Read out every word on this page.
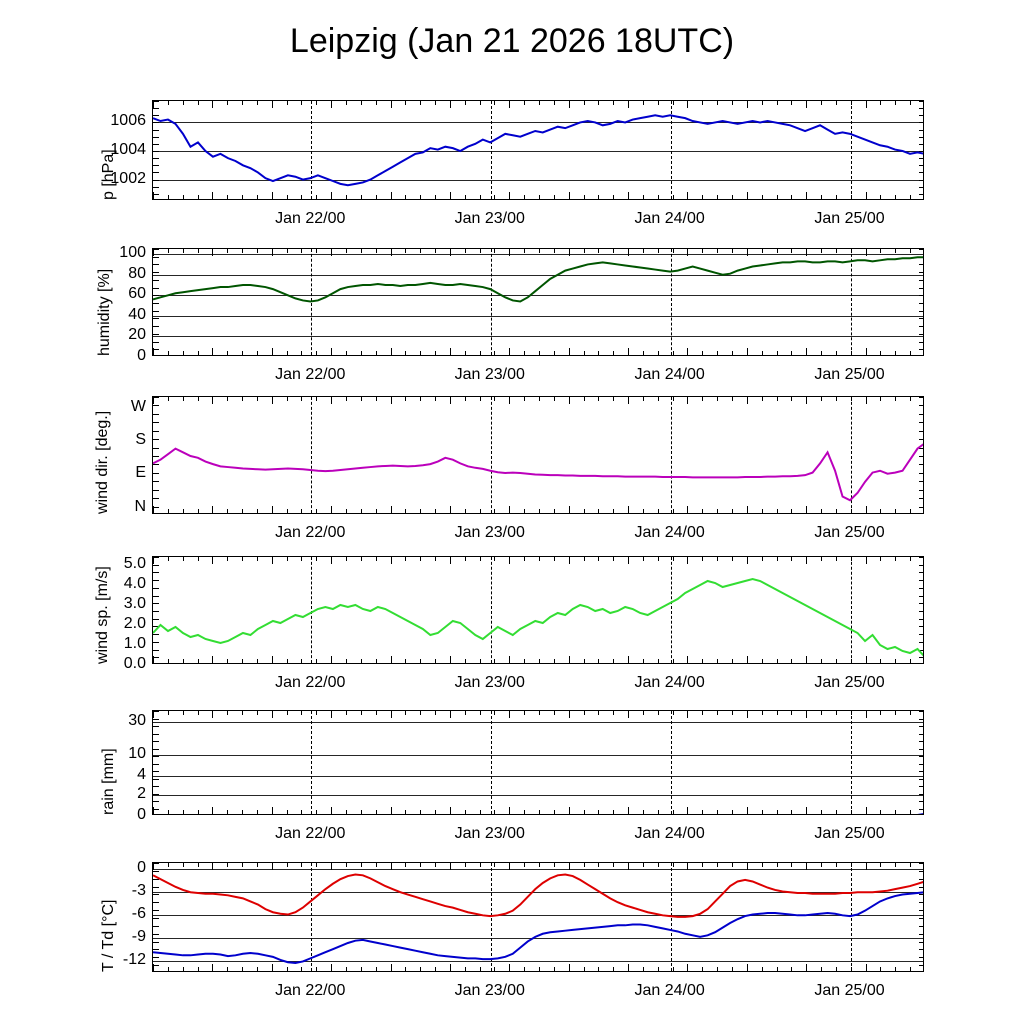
Leipzig (Jan 21 2026 18UTC)
1002
1004
1006
p [hPa]
Jan 22/00	Jan 23/00	Jan 24/00	Jan 25/00
0
20
40
60
80
100
humidity [%]
Jan 22/00	Jan 23/00	Jan 24/00	Jan 25/00
N
E
S
W
wind dir. [deg.]
Jan 22/00	Jan 23/00	Jan 24/00	Jan 25/00
0.0
1.0
2.0
3.0
4.0
5.0
wind sp. [m/s]
Jan 22/00	Jan 23/00	Jan 24/00	Jan 25/00
0
2
4
10
30
rain [mm]
Jan 22/00	Jan 23/00	Jan 24/00	Jan 25/00
0
-3
-6
-9
-12
T / Td [°C]
Jan 22/00	Jan 23/00	Jan 24/00	Jan 25/00
